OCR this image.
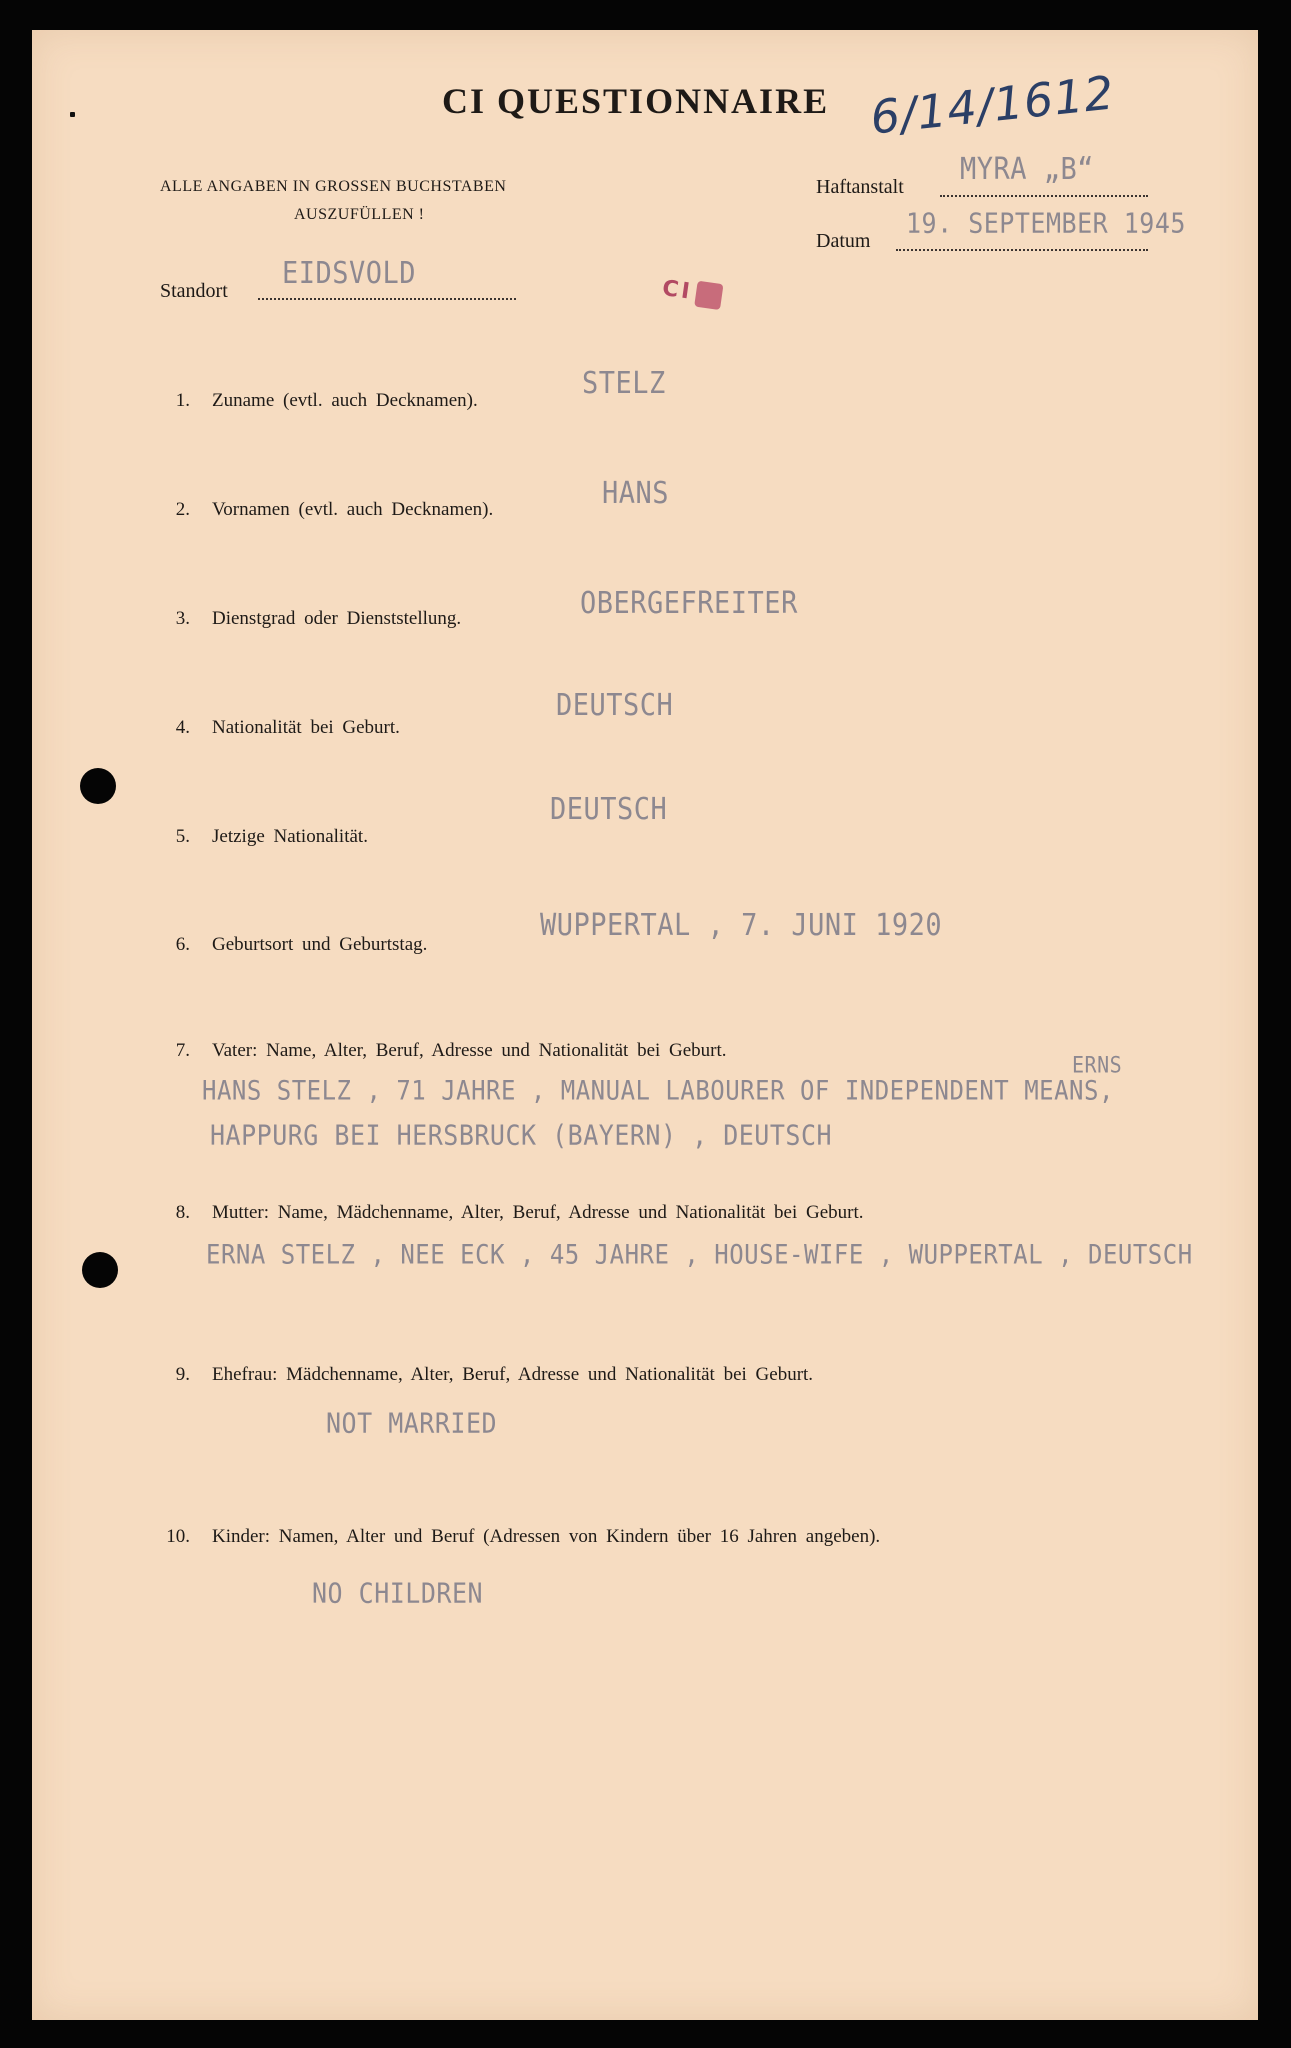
CI QUESTIONNAIRE 6/14/1612
ALLE ANGABEN IN GROSSEN BUCHSTABEN
AUSZUFÜLLEN !
Haftanstalt MYRA „B“
Datum
19. SEPTEMBER 1945
Standort EIDSVOLD	CI
1. Zuname (evtl. auch Decknamen).	STELZ
2. Vornamen (evtl. auch Decknamen).	HANS
3. Dienstgrad oder Dienststellung.	OBERGEFREITER
4. Nationalität bei Geburt.
DEUTSCH
5. Jetzige Nationalität.
DEUTSCH
6. Geburtsort und Geburtstag.
WUPPERTAL , 7. JUNI 1920
7. Vater: Name, Alter, Beruf, Adresse und Nationalität bei Geburt.
HANS STELZ , 71 JAHRE , MANUAL LABOURER OF INDEPENDENT MEANS,
ERNS
HAPPURG BEI HERSBRUCK (BAYERN) , DEUTSCH
8. Mutter: Name, Mädchenname, Alter, Beruf, Adresse und Nationalität bei Geburt.
ERNA STELZ , NEE ECK , 45 JAHRE , HOUSE-WIFE , WUPPERTAL , DEUTSCH
9. Ehefrau: Mädchenname, Alter, Beruf, Adresse und Nationalität bei Geburt.
NOT MARRIED
10. Kinder: Namen, Alter und Beruf (Adressen von Kindern über 16 Jahren angeben).
NO CHILDREN
